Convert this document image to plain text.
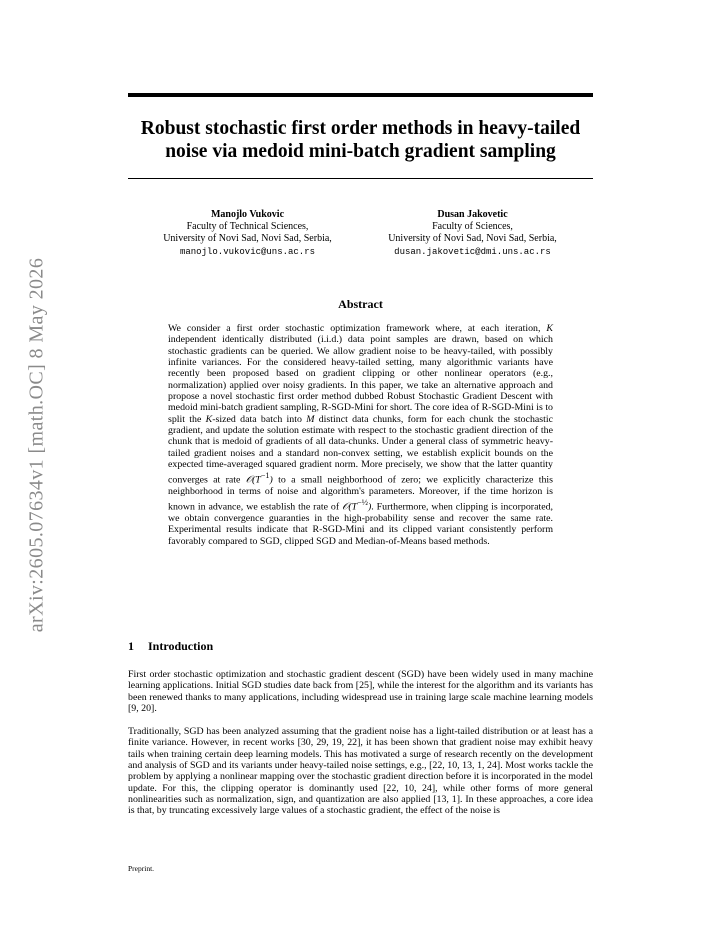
arXiv:2605.07634v1 [math.OC] 8 May 2026
Robust stochastic first order methods in heavy-tailed noise via medoid mini-batch gradient sampling
Manojlo Vukovic
Faculty of Technical Sciences,
University of Novi Sad, Novi Sad, Serbia,
manojlo.vukovic@uns.ac.rs
Dusan Jakovetic
Faculty of Sciences,
University of Novi Sad, Novi Sad, Serbia,
dusan.jakovetic@dmi.uns.ac.rs
Abstract
We consider a first order stochastic optimization framework where, at each iteration, K independent identically distributed (i.i.d.) data point samples are drawn, based on which stochastic gradients can be queried. We allow gradient noise to be heavy-tailed, with possibly infinite variances. For the considered heavy-tailed setting, many algorithmic variants have recently been proposed based on gradient clipping or other nonlinear operators (e.g., normalization) applied over noisy gradients. In this paper, we take an alternative approach and propose a novel stochastic first order method dubbed Robust Stochastic Gradient Descent with medoid mini-batch gradient sampling, R-SGD-Mini for short. The core idea of R-SGD-Mini is to split the K-sized data batch into M distinct data chunks, form for each chunk the stochastic gradient, and update the solution estimate with respect to the stochastic gradient direction of the chunk that is medoid of gradients of all data-chunks. Under a general class of symmetric heavy-tailed gradient noises and a standard non-convex setting, we establish explicit bounds on the expected time-averaged squared gradient norm. More precisely, we show that the latter quantity converges at rate $𝒪(T^{-1})$ to a small neighborhood of zero; we explicitly characterize this neighborhood in terms of noise and algorithm's parameters. Moreover, if the time horizon is known in advance, we establish the rate of $𝒪(T^{-\frac{1}{2}})$. Furthermore, when clipping is incorporated, we obtain convergence guaranties in the high-probability sense and recover the same rate. Experimental results indicate that R-SGD-Mini and its clipped variant consistently perform favorably compared to SGD, clipped SGD and Median-of-Means based methods.
1 Introduction
First order stochastic optimization and stochastic gradient descent (SGD) have been widely used in many machine learning applications. Initial SGD studies date back from [25], while the interest for the algorithm and its variants has been renewed thanks to many applications, including widespread use in training large scale machine learning models [9, 20].
Traditionally, SGD has been analyzed assuming that the gradient noise has a light-tailed distribution or at least has a finite variance. However, in recent works [30, 29, 19, 22], it has been shown that gradient noise may exhibit heavy tails when training certain deep learning models. This has motivated a surge of research recently on the development and analysis of SGD and its variants under heavy-tailed noise settings, e.g., [22, 10, 13, 1, 24]. Most works tackle the problem by applying a nonlinear mapping over the stochastic gradient direction before it is incorporated in the model update. For this, the clipping operator is dominantly used [22, 10, 24], while other forms of more general nonlinearities such as normalization, sign, and quantization are also applied [13, 1]. In these approaches, a core idea is that, by truncating excessively large values of a stochastic gradient, the effect of the noise is
Preprint.
